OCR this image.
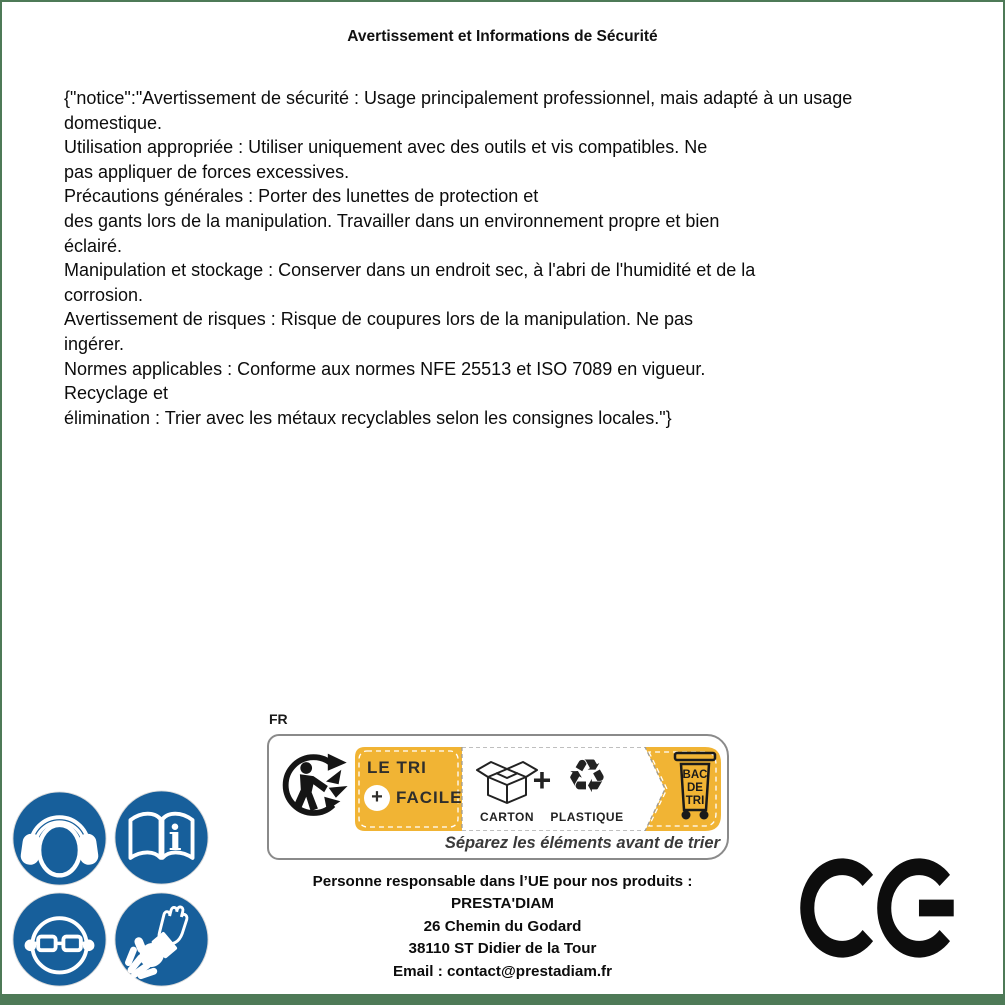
Avertissement et Informations de Sécurité
{"notice":"Avertissement de sécurité : Usage principalement professionnel, mais adapté à un usage
domestique.
Utilisation appropriée : Utiliser uniquement avec des outils et vis compatibles. Ne
pas appliquer de forces excessives.
Précautions générales : Porter des lunettes de protection et
des gants lors de la manipulation. Travailler dans un environnement propre et bien
éclairé.
Manipulation et stockage : Conserver dans un endroit sec, à l'abri de l'humidité et de la
corrosion.
Avertissement de risques : Risque de coupures lors de la manipulation. Ne pas
ingérer.
Normes applicables : Conforme aux normes NFE 25513 et ISO 7089 en vigueur.
Recyclage et
élimination : Trier avec les métaux recyclables selon les consignes locales."}
FR
BAC
DE
TRI
LE TRI
+ FACILE
CARTON
+ ♻
PLASTIQUE
Séparez les éléments avant de trier
i
Personne responsable dans l’UE pour nos produits :
PRESTA'DIAM
26 Chemin du Godard
38110 ST Didier de la Tour
Email : contact@prestadiam.fr
